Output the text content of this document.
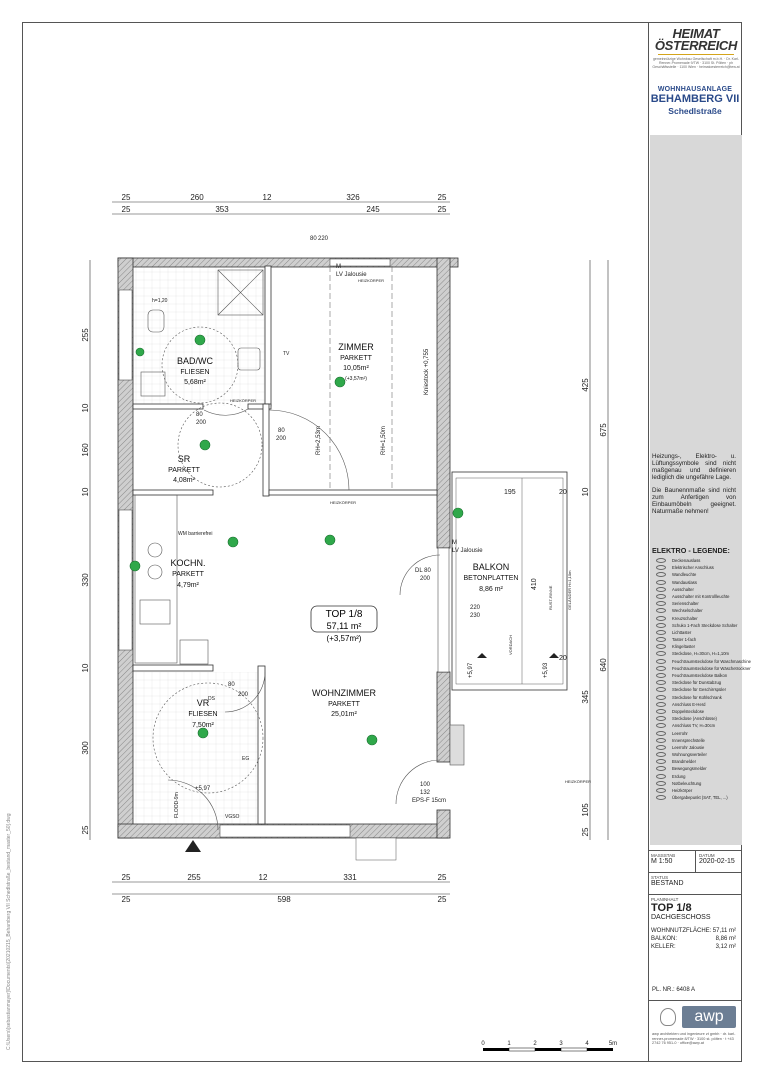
HEIMAT
ÖSTERREICH
gemeinnützige Wohnbau Gesellschaft m.b.H. · Dr. Karl-Renner-Promenade 9/TW · 3100 St. Pölten · ph Geschäftsstelle · 1100 Wien · heimatoesterreich@tew.at
WOHNHAUSANLAGE
BEHAMBERG VII
Schedlstraße

Heizungs-, Elektro- u. Lüftungssymbole sind nicht maßgenau und definieren lediglich die ungefähre Lage.

Die Baunennmaße sind nicht zum Anfertigen von Einbaumöbeln geeignet. Naturmaße nehmen!

ELEKTRO - LEGENDE:
Deckenauslass
Elektrischer Anschluss
Wandleuchte
Wandauslass
Ausschalter
Ausschalter mit Kontrollleuchte
Serienschalter
Wechselschalter
Kreuzschalter
Schuko 1-Fach Steckdose Schalter
Lichttaster
Taster 1-fach
Klingeltaster
Steckdose, H=30cm, H=1,10m
Feuchtraumsteckdose für Waschmaschine
Feuchtraumsteckdose für Wäschetrockner
Feuchtraumsteckdose Balkon
Steckdose für Dunstabzug
Steckdose für Geschirrspüler
Steckdose für Kühlschrank
Anschluss E-Herd
Doppelsteckdose
Steckdose (Anschlüsse)
Anschluss TV, H=30cm
Leerrohr
Innensprechstelle
Leerrohr Jalousie
Wohnungsverteiler
Brandmelder
Bewegungsmelder
Erdung
Notbeleuchtung
Heizkörper
Übergabepunkt (SAT, TEL, ...)
MASSSTAB
M 1:50
DATUM
2020-02-15
STATUS
BESTAND
PLANINHALT
TOP 1/8
DACHGESCHOSS
WOHNNUTZFLÄCHE: 57,11 m²
BALKON:	8,86 m²
KELLER:	3,12 m²
PL. NR.: 6408 A
awp
awp architekten und ingenieure zt gmbh · dr. karl-renner-promenade 8/TW · 3100 st. pölten · t +43 2742 76 951-0 · office@awp.at
C:\Users\[sebastianmayer]\Documents\[20210215_Behamberg VII Schedlstraße_bestand_master_50].dwg
25	260	12	326	25
25	353	245	25
25	255	12	331	25
25	598	25
255
10
160
10
330
10
300
25
425
675
10
640
345
105
25
BAD/WC
FLIESEN
5,68m²
ZIMMER
PARKETT
10,05m²
(+3,57m²)
SR
PARKETT
4,08m²
KOCHN.
PARKETT
4,79m²
BALKON
BETONPLATTEN
8,86 m²
VR
FLIESEN
7,50m²
WOHNZIMMER
PARKETT
25,01m²
TOP 1/8
57,11 m²
(+3,57m²)
M
LV Jalousie
M
LV Jalousie
HEIZKÖRPER
HEIZKÖRPER
HEIZKÖRPER
HEIZKÖRPER
Kniestock +0,755
RH=2,53m	RH=1,50m
h=1,20
WM barrierefrei
DL 80
200
220
230
195
410
20
20
80
200
80
200
80
200
80 220
100
132
EPS-F 15cm
+5,97	+5,93
+5,97
VORDACH
GELÄNDER H=1,10m
RUST-RINNE
FLOOD-9m	VGSO
DS
TV
EG
0	1	2	3	4	5m
